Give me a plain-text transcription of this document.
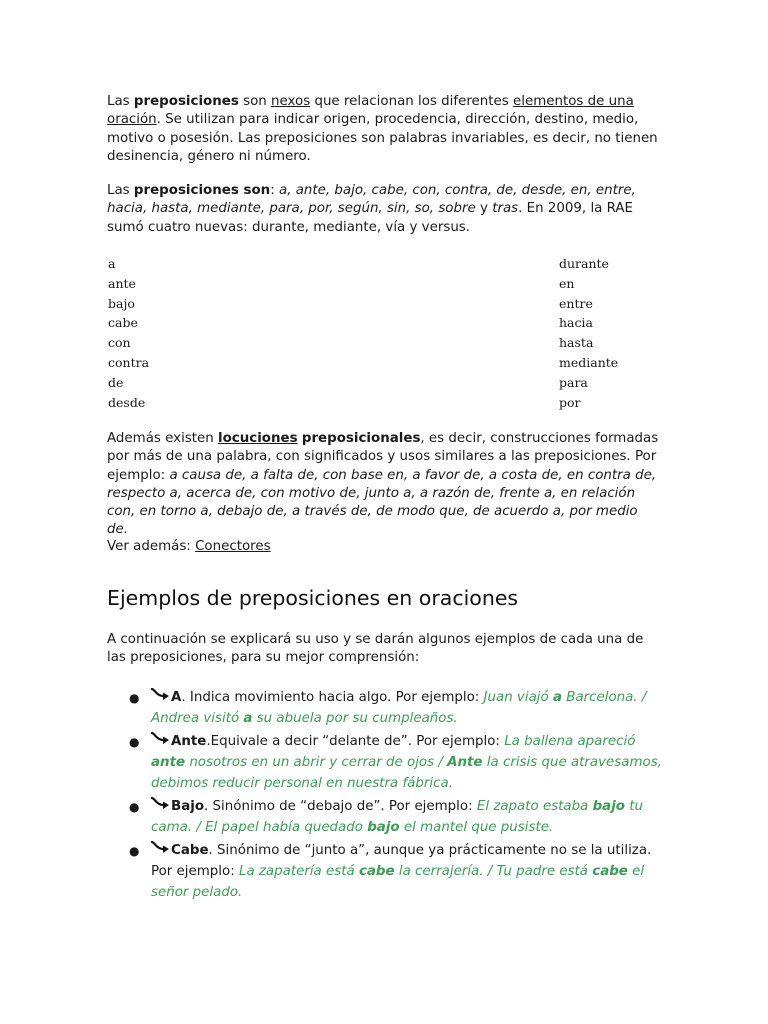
Las preposiciones son nexos que relacionan los diferentes elementos de una oración. Se utilizan para indicar origen, procedencia, dirección, destino, medio, motivo o posesión. Las preposiciones son palabras invariables, es decir, no tienen desinencia, género ni número.

Las preposiciones son: a, ante, bajo, cabe, con, contra, de, desde, en, entre, hacia, hasta, mediante, para, por, según, sin, so, sobre y tras. En 2009, la RAE sumó cuatro nuevas: durante, mediante, vía y versus.

a
ante
bajo
cabe
con
contra
de
desde
durante
en
entre
hacia
hasta
mediante
para
por

Además existen locuciones preposicionales, es decir, construcciones formadas por más de una palabra, con significados y usos similares a las preposiciones. Por ejemplo: a causa de, a falta de, con base en, a favor de, a costa de, en contra de, respecto a, acerca de, con motivo de, junto a, a razón de, frente a, en relación con, en torno a, debajo de, a través de, de modo que, de acuerdo a, por medio de.

Ver además: Conectores

Ejemplos de preposiciones en oraciones

A continuación se explicará su uso y se darán algunos ejemplos de cada una de las preposiciones, para su mejor comprensión:

● A. Indica movimiento hacia algo. Por ejemplo: Juan viajó a Barcelona. / Andrea visitó a su abuela por su cumpleaños.
● Ante.Equivale a decir “delante de”. Por ejemplo: La ballena apareció ante nosotros en un abrir y cerrar de ojos / Ante la crisis que atravesamos, debimos reducir personal en nuestra fábrica.
● Bajo. Sinónimo de “debajo de”. Por ejemplo: El zapato estaba bajo tu cama. / El papel había quedado bajo el mantel que pusiste.
● Cabe. Sinónimo de “junto a”, aunque ya prácticamente no se la utiliza. Por ejemplo: La zapatería está cabe la cerrajería. / Tu padre está cabe el señor pelado.
